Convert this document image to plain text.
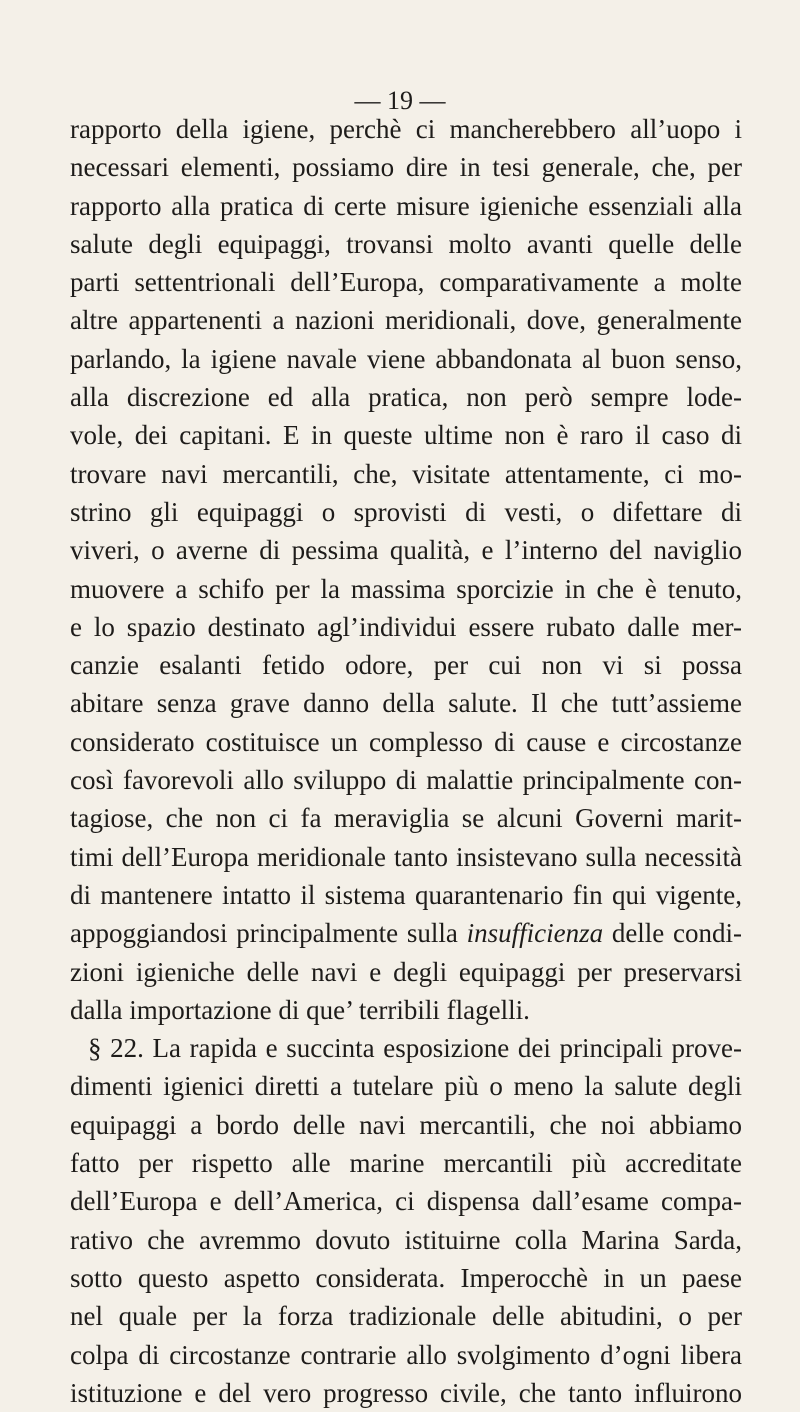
— 19 —
rapporto della igiene, perchè ci mancherebbero all’uopo i
necessari elementi, possiamo dire in tesi generale, che, per
rapporto alla pratica di certe misure igieniche essenziali alla
salute degli equipaggi, trovansi molto avanti quelle delle
parti settentrionali dell’Europa, comparativamente a molte
altre appartenenti a nazioni meridionali, dove, generalmente
parlando, la igiene navale viene abbandonata al buon senso,
alla discrezione ed alla pratica, non però sempre lode-
vole, dei capitani. E in queste ultime non è raro il caso di
trovare navi mercantili, che, visitate attentamente, ci mo-
strino gli equipaggi o sprovisti di vesti, o difettare di
viveri, o averne di pessima qualità, e l’interno del naviglio
muovere a schifo per la massima sporcizie in che è tenuto,
e lo spazio destinato agl’individui essere rubato dalle mer-
canzie esalanti fetido odore, per cui non vi si possa
abitare senza grave danno della salute. Il che tutt’assieme
considerato costituisce un complesso di cause e circostanze
così favorevoli allo sviluppo di malattie principalmente con-
tagiose, che non ci fa meraviglia se alcuni Governi marit-
timi dell’Europa meridionale tanto insistevano sulla necessità
di mantenere intatto il sistema quarantenario fin qui vigente,
appoggiandosi principalmente sulla insufficienza delle condi-
zioni igieniche delle navi e degli equipaggi per preservarsi
dalla importazione di que’ terribili flagelli.
§ 22. La rapida e succinta esposizione dei principali prove-
dimenti igienici diretti a tutelare più o meno la salute degli
equipaggi a bordo delle navi mercantili, che noi abbiamo
fatto per rispetto alle marine mercantili più accreditate
dell’Europa e dell’America, ci dispensa dall’esame compa-
rativo che avremmo dovuto istituirne colla Marina Sarda,
sotto questo aspetto considerata. Imperocchè in un paese
nel quale per la forza tradizionale delle abitudini, o per
colpa di circostanze contrarie allo svolgimento d’ogni libera
istituzione e del vero progresso civile, che tanto influirono
